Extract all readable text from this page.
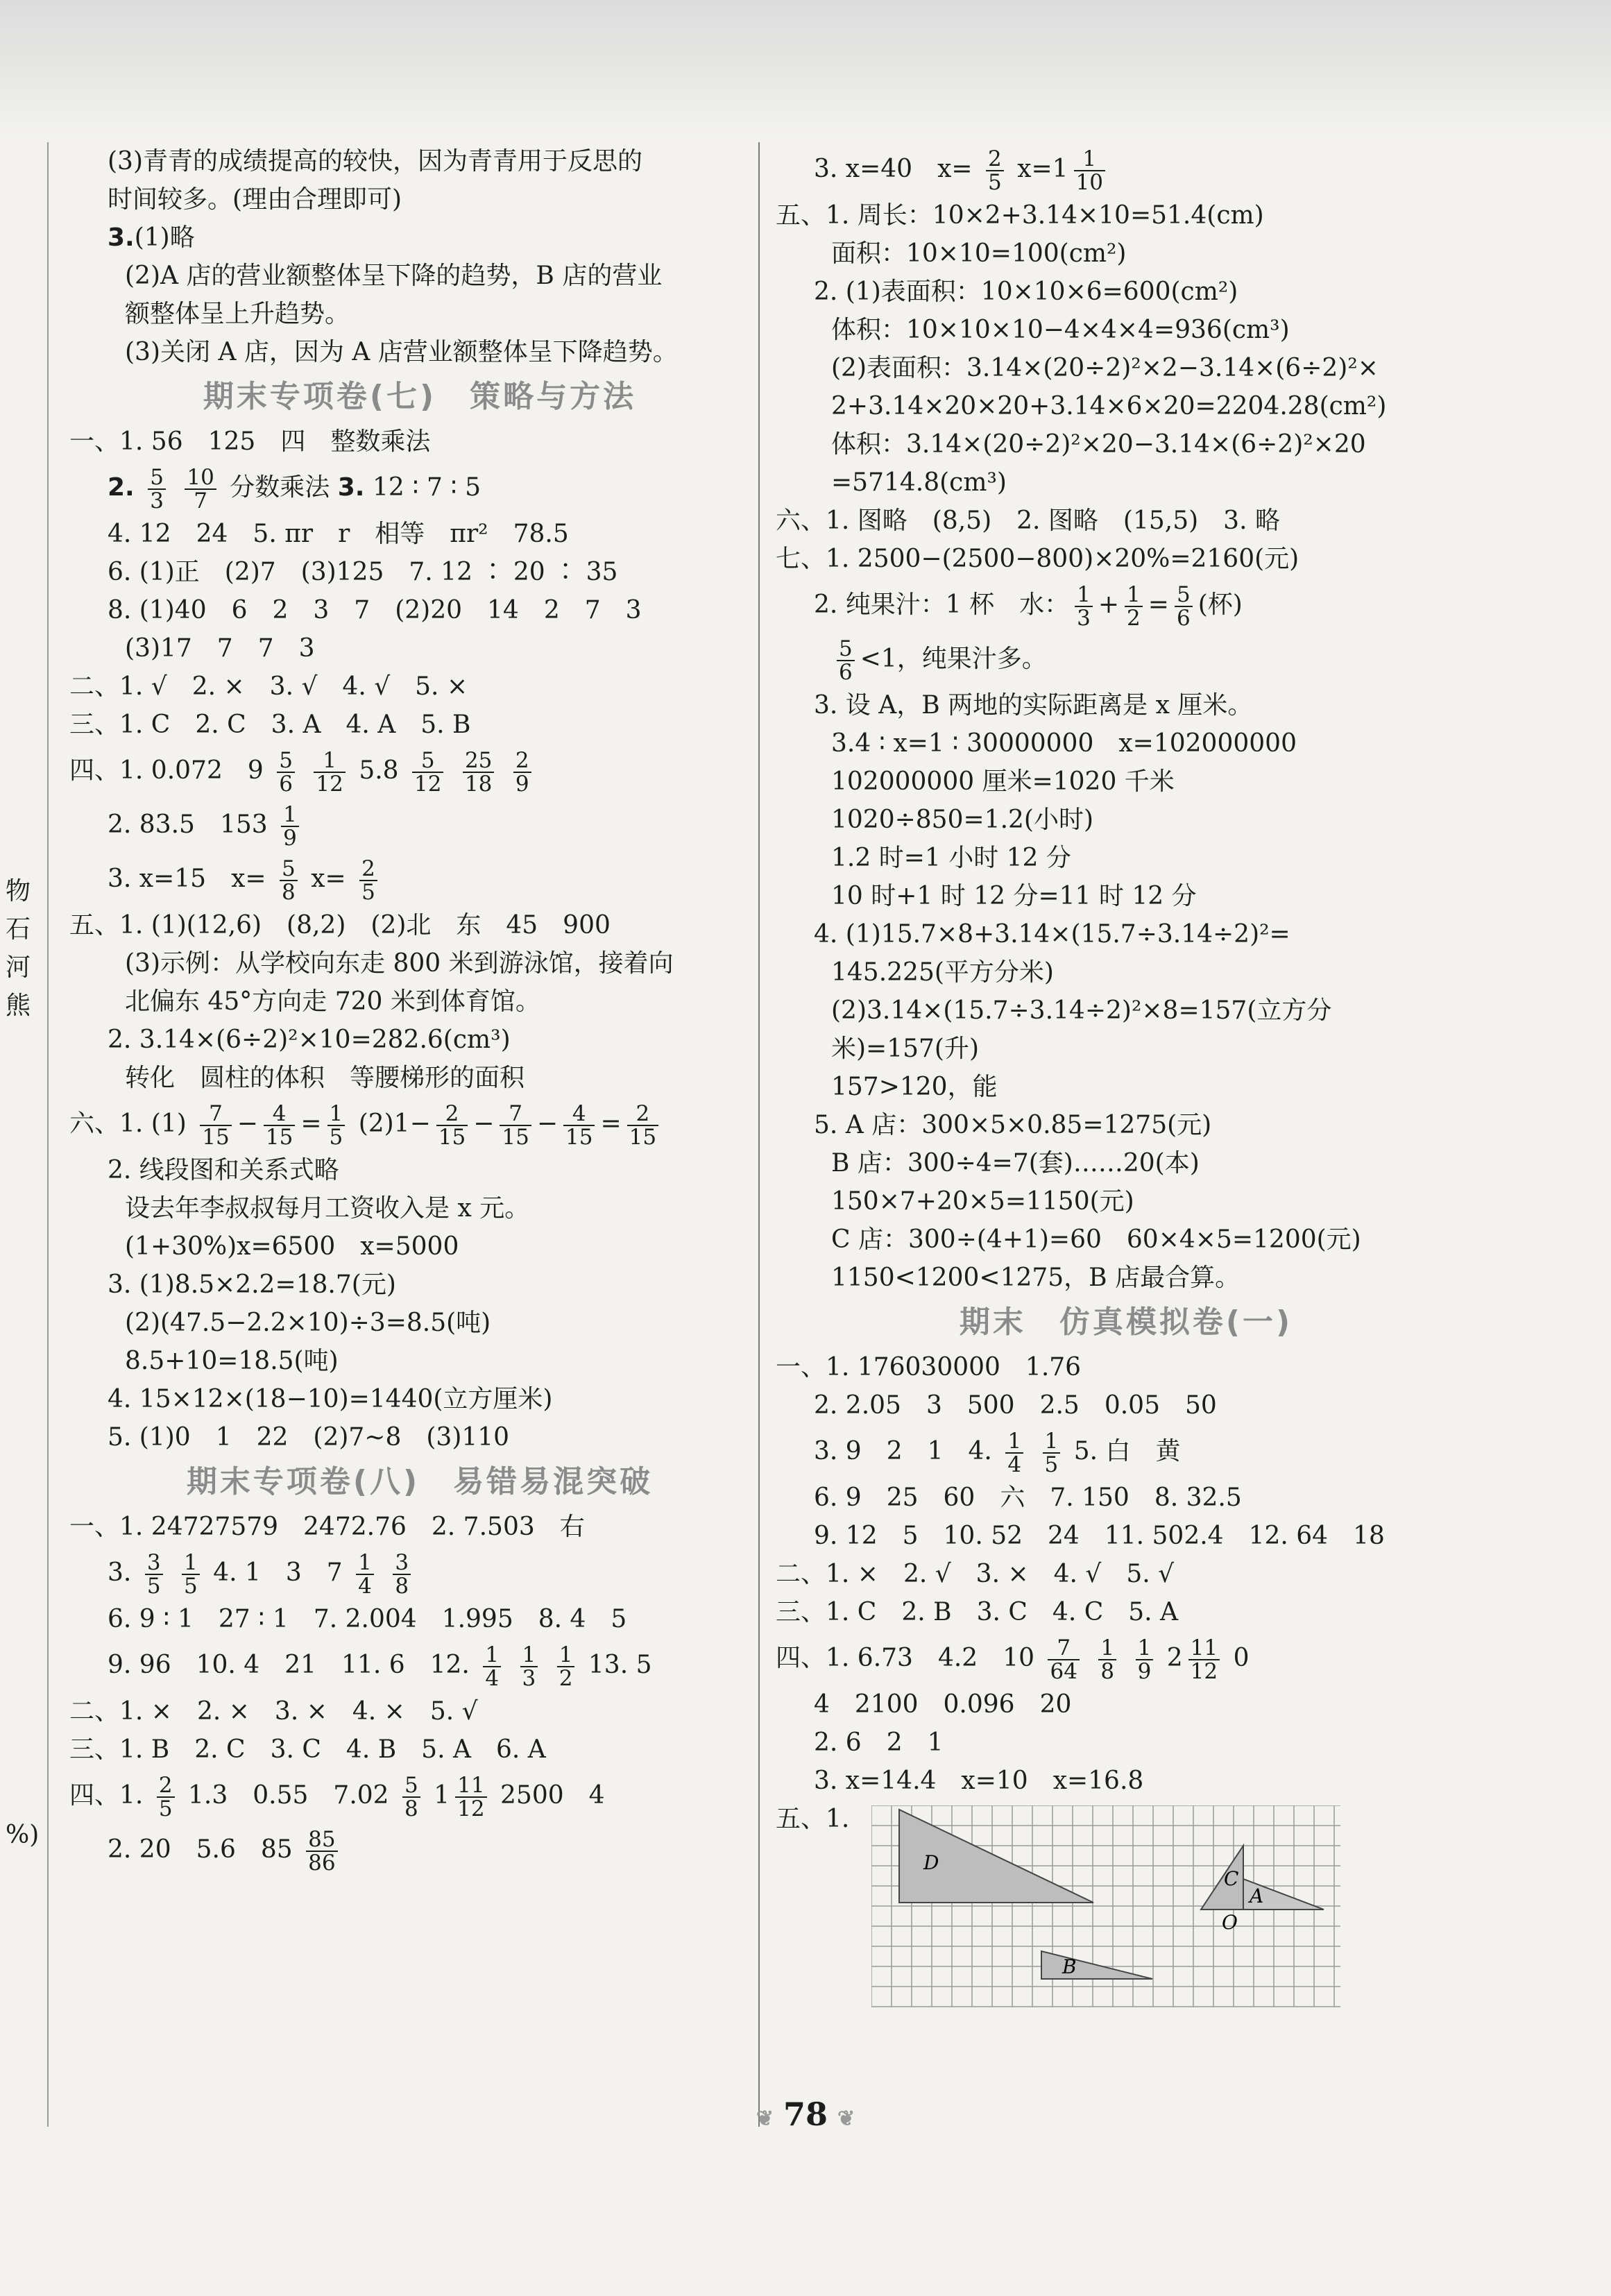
物
石
河
熊
%)
(3)青青的成绩提高的较快，因为青青用于反思的
时间较多。(理由合理即可)
3.(1)略
(2)A 店的营业额整体呈下降的趋势，B 店的营业
额整体呈上升趋势。
(3)关闭 A 店，因为 A 店营业额整体呈下降趋势。
期末专项卷(七)　策略与方法
一、1. 56　125　四　整数乘法
2. $\frac{5}{3}$
$\frac{10}{7}$ 分数乘法 3. 12 ∶ 7 ∶ 5
4. 12　24　5. πr　r　相等　πr²　78.5
6. (1)正　(2)7　(3)125　7. 12 ∶ 20 ∶ 35
8. (1)40　6　2　3　7　(2)20　14　2　7　3
(3)17　7　7　3
二、1. √　2. ×　3. √　4. √　5. ×
三、1. C　2. C　3. A　4. A　5. B
四、1. 0.072　$9 \frac{5}{6}$
$\frac{1}{12} 5.8 \frac{5}{12}$
$\frac{25}{18}$
$\frac{2}{9}$
2. 83.5　$153 \frac{1}{9}$
3. x=15　$x= \frac{5}{8} x= \frac{2}{5}$
五、1. (1)(12,6)　(8,2)　(2)北　东　45　900
(3)示例：从学校向东走 800 米到游泳馆，接着向
北偏东 45°方向走 720 米到体育馆。
2. 3.14×(6÷2)²×10=282.6(cm³)
转化　圆柱的体积　等腰梯形的面积
六、1. $(1) \frac{7}{15} - \frac{4}{15} = \frac{1}{5} (2)1- \frac{2}{15} - \frac{7}{15} - \frac{4}{15} = \frac{2}{15}$
2. 线段图和关系式略
设去年李叔叔每月工资收入是 x 元。
(1+30%)x=6500　x=5000
3. (1)8.5×2.2=18.7(元)
(2)(47.5−2.2×10)÷3=8.5(吨)
8.5+10=18.5(吨)
4. 15×12×(18−10)=1440(立方厘米)
5. (1)0　1　22　(2)7∼8　(3)110
期末专项卷(八)　易错易混突破
一、1. 24727579　2472.76　2. 7.503　右
3. $\frac{3}{5}$
$\frac{1}{5} 4$. 1　3　$7 \frac{1}{4}$
$\frac{3}{8}$
6. 9 ∶ 1　27 ∶ 1　7. 2.004　1.995　8. 4　5
9. 96　10. 4　21　11. 6　12. $\frac{1}{4}$
$\frac{1}{3}$
$\frac{1}{2} 13$. 5
二、1. ×　2. ×　3. ×　4. ×　5. √
三、1. B　2. C　3. C　4. B　5. A　6. A
四、1. $\frac{2}{5} 1.3$　0.55　$7.02 \frac{5}{8} 1 \frac{11}{12} 2500$　4
2. 20　5.6　$85 \frac{85}{86}$
3. x=40　$x= \frac{2}{5} x=1 \frac{1}{10}$
五、1. 周长：10×2+3.14×10=51.4(cm)
面积：10×10=100(cm²)
2. (1)表面积：10×10×6=600(cm²)
体积：10×10×10−4×4×4=936(cm³)
(2)表面积：3.14×(20÷2)²×2−3.14×(6÷2)²×
2+3.14×20×20+3.14×6×20=2204.28(cm²)
体积：3.14×(20÷2)²×20−3.14×(6÷2)²×20
=5714.8(cm³)
六、1. 图略　(8,5)　2. 图略　(15,5)　3. 略
七、1. 2500−(2500−800)×20%=2160(元)
2. 纯果汁：1 杯　水： $\frac{1}{3} + \frac{1}{2} = \frac{5}{6}$ (杯)
$\frac{5}{6} <1$，纯果汁多。
3. 设 A，B 两地的实际距离是 x 厘米。
3.4 ∶ x=1 ∶ 30000000　x=102000000
102000000 厘米=1020 千米
1020÷850=1.2(小时)
1.2 时=1 小时 12 分
10 时+1 时 12 分=11 时 12 分
4. (1)15.7×8+3.14×(15.7÷3.14÷2)²=
145.225(平方分米)
(2)3.14×(15.7÷3.14÷2)²×8=157(立方分
米)=157(升)
157>120，能
5. A 店：300×5×0.85=1275(元)
B 店：300÷4=7(套)……20(本)
150×7+20×5=1150(元)
C 店：300÷(4+1)=60　60×4×5=1200(元)
1150<1200<1275，B 店最合算。
期末　仿真模拟卷(一)
一、1. 176030000　1.76
2. 2.05　3　500　2.5　0.05　50
3. 9　2　1　4. $\frac{1}{4}$
$\frac{1}{5} 5$. 白　黄
6. 9　25　60　六　7. 150　8. 32.5
9. 12　5　10. 52　24　11. 502.4　12. 64　18
二、1. ×　2. √　3. ×　4. √　5. √
三、1. C　2. B　3. C　4. C　5. A
四、1. 6.73　4.2　$10 \frac{7}{64}$
$\frac{1}{8}$
$\frac{1}{9} 2 \frac{11}{12} 0$
4　2100　0.096　20
2. 6　2　1
3. x=14.4　x=10　x=16.8
五、1.
D
B
C
A
O
❦ 78 ❦
